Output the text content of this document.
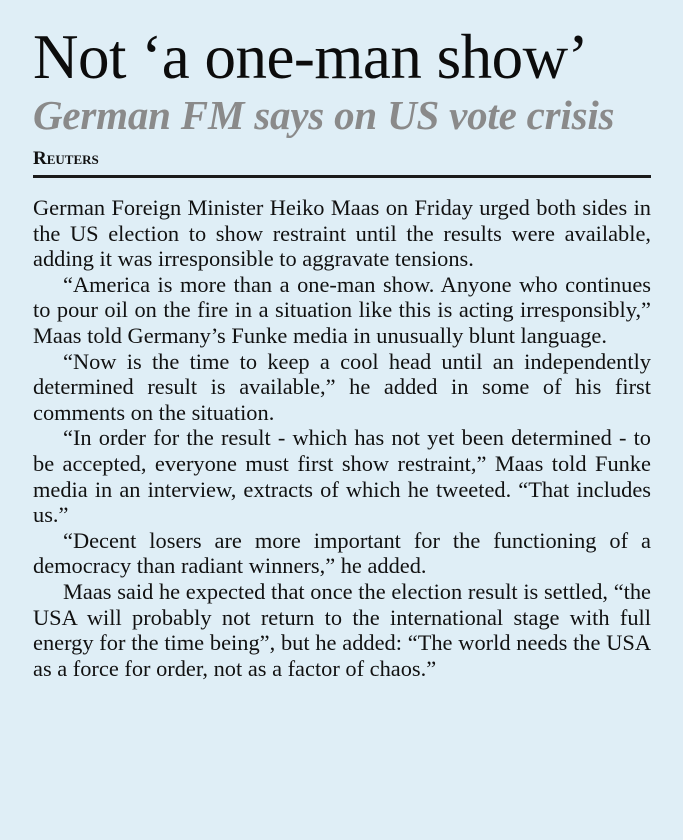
Not ‘a one-man show’
German FM says on US vote crisis
Reuters

German Foreign Minister Heiko Maas on Friday urged both sides in the US election to show restraint until the results were available, adding it was irresponsible to aggravate tensions.

“America is more than a one-man show. Anyone who continues to pour oil on the fire in a situation like this is acting irresponsibly,” Maas told Germany’s Funke media in unusually blunt language.

“Now is the time to keep a cool head until an independently determined result is available,” he added in some of his first comments on the situation.

“In order for the result - which has not yet been determined - to be accepted, everyone must first show restraint,” Maas told Funke media in an interview, extracts of which he tweeted. “That includes us.”

“Decent losers are more important for the functioning of a democracy than radiant winners,” he added.

Maas said he expected that once the election result is settled, “the USA will probably not return to the international stage with full energy for the time being”, but he added: “The world needs the USA as a force for order, not as a factor of chaos.”
